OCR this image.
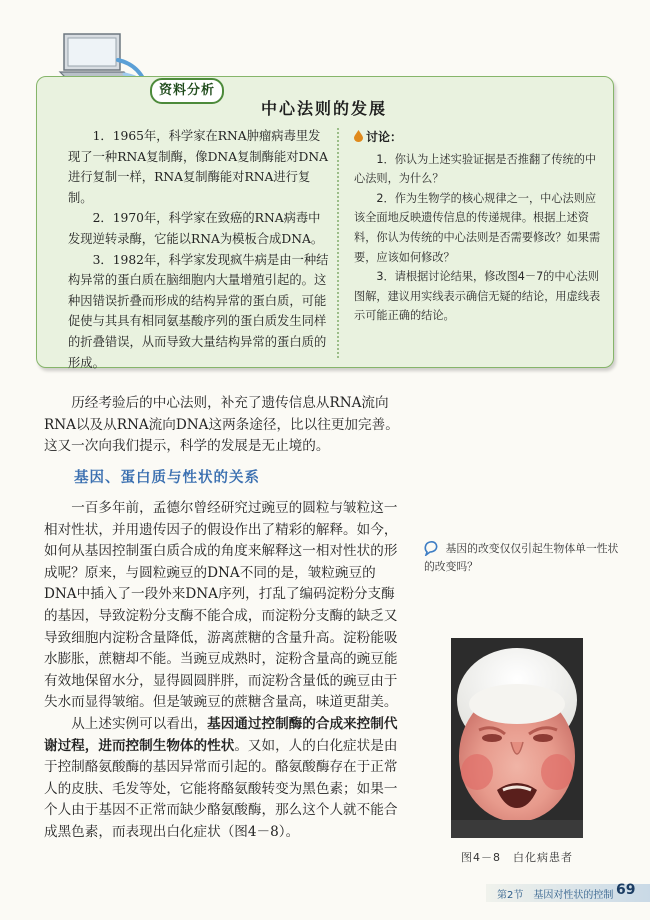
资料分析
中心法则的发展

1．1965年，科学家在RNA肿瘤病毒里发现了一种RNA复制酶，像DNA复制酶能对DNA进行复制一样，RNA复制酶能对RNA进行复制。

2．1970年，科学家在致癌的RNA病毒中发现逆转录酶，它能以RNA为模板合成DNA。

3．1982年，科学家发现疯牛病是由一种结构异常的蛋白质在脑细胞内大量增殖引起的。这种因错误折叠而形成的结构异常的蛋白质，可能促使与其具有相同氨基酸序列的蛋白质发生同样的折叠错误，从而导致大量结构异常的蛋白质的形成。

讨论：

1．你认为上述实验证据是否推翻了传统的中心法则，为什么？

2．作为生物学的核心规律之一，中心法则应该全面地反映遗传信息的传递规律。根据上述资料，你认为传统的中心法则是否需要修改？如果需要，应该如何修改？

3．请根据讨论结果，修改图4－7的中心法则图解，建议用实线表示确信无疑的结论，用虚线表示可能正确的结论。

历经考验后的中心法则，补充了遗传信息从RNA流向RNA以及从RNA流向DNA这两条途径，比以往更加完善。这又一次向我们提示，科学的发展是无止境的。

基因、蛋白质与性状的关系

一百多年前，孟德尔曾经研究过豌豆的圆粒与皱粒这一相对性状，并用遗传因子的假设作出了精彩的解释。如今，如何从基因控制蛋白质合成的角度来解释这一相对性状的形成呢？原来，与圆粒豌豆的DNA不同的是，皱粒豌豆的DNA中插入了一段外来DNA序列，打乱了编码淀粉分支酶的基因，导致淀粉分支酶不能合成，而淀粉分支酶的缺乏又导致细胞内淀粉含量降低，游离蔗糖的含量升高。淀粉能吸水膨胀，蔗糖却不能。当豌豆成熟时，淀粉含量高的豌豆能有效地保留水分，显得圆圆胖胖，而淀粉含量低的豌豆由于失水而显得皱缩。但是皱豌豆的蔗糖含量高，味道更甜美。

从上述实例可以看出，基因通过控制酶的合成来控制代谢过程，进而控制生物体的性状。又如，人的白化症状是由于控制酪氨酸酶的基因异常而引起的。酪氨酸酶存在于正常人的皮肤、毛发等处，它能将酪氨酸转变为黑色素；如果一个人由于基因不正常而缺少酪氨酸酶，那么这个人就不能合成黑色素，而表现出白化症状（图4－8）。

基因的改变仅仅引起生物体单一性状的改变吗？

图4－8　白化病患者
第2节　基因对性状的控制 69
